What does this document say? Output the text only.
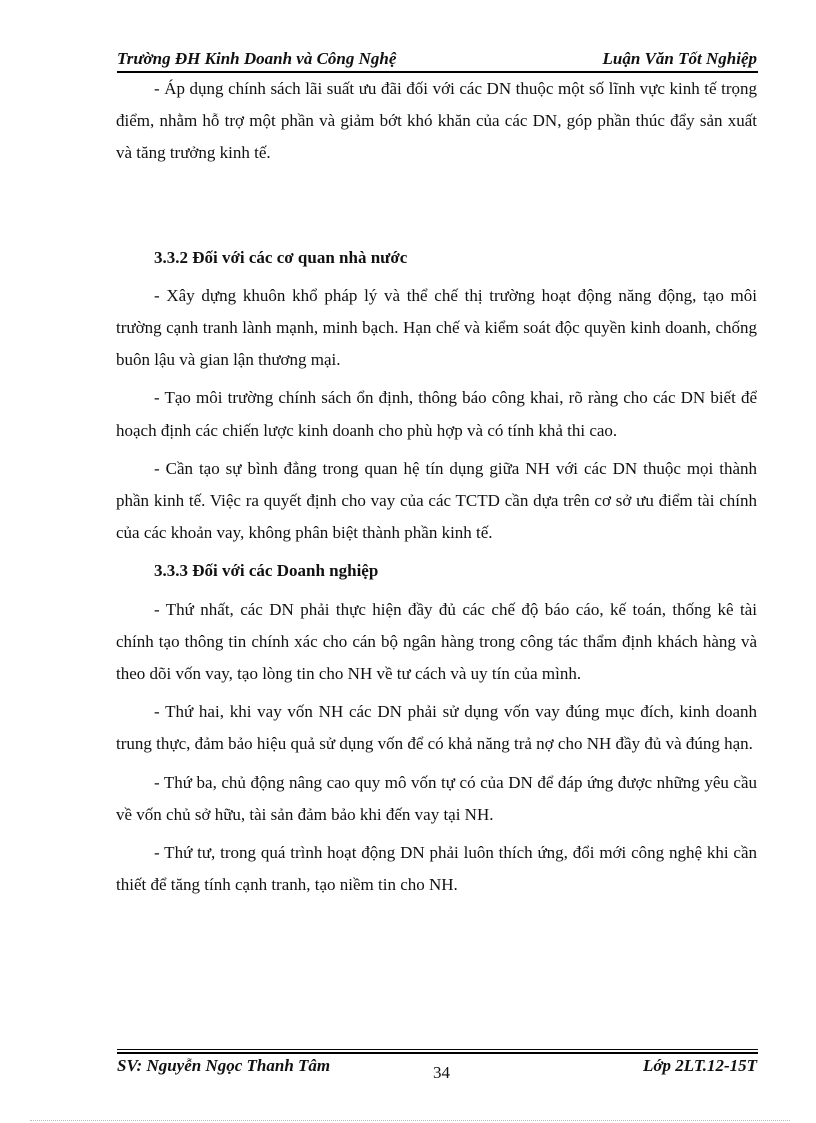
Trường ĐH Kinh Doanh và Công Nghệ	Luận Văn Tốt Nghiệp

- Áp dụng chính sách lãi suất ưu đãi đối với các DN thuộc một số lĩnh vực kinh tế trọng điểm, nhằm hỗ trợ một phần và giảm bớt khó khăn của các DN, góp phần thúc đẩy sản xuất và tăng trưởng kinh tế.

3.3.2 Đối với các cơ quan nhà nước

- Xây dựng khuôn khổ pháp lý và thể chế thị trường hoạt động năng động, tạo môi trường cạnh tranh lành mạnh, minh bạch. Hạn chế và kiểm soát độc quyền kinh doanh, chống buôn lậu và gian lận thương mại.

- Tạo môi trường chính sách ổn định, thông báo công khai, rõ ràng cho các DN biết để hoạch định các chiến lược kinh doanh cho phù hợp và có tính khả thi cao.

- Cần tạo sự bình đẳng trong quan hệ tín dụng giữa NH với các DN thuộc mọi thành phần kinh tế. Việc ra quyết định cho vay của các TCTD cần dựa trên cơ sở ưu điểm tài chính của các khoản vay, không phân biệt thành phần kinh tế.

3.3.3 Đối với các Doanh nghiệp

- Thứ nhất, các DN phải thực hiện đầy đủ các chế độ báo cáo, kế toán, thống kê tài chính tạo thông tin chính xác cho cán bộ ngân hàng trong công tác thẩm định khách hàng và theo dõi vốn vay, tạo lòng tin cho NH về tư cách và uy tín của mình.

- Thứ hai, khi vay vốn NH các DN phải sử dụng vốn vay đúng mục đích, kinh doanh trung thực, đảm bảo hiệu quả sử dụng vốn để có khả năng trả nợ cho NH đầy đủ và đúng hạn.

- Thứ ba, chủ động nâng cao quy mô vốn tự có của DN để đáp ứng được những yêu cầu về vốn chủ sở hữu, tài sản đảm bảo khi đến vay tại NH.

- Thứ tư, trong quá trình hoạt động DN phải luôn thích ứng, đổi mới công nghệ khi cần thiết để tăng tính cạnh tranh, tạo niềm tin cho NH.

SV: Nguyễn Ngọc Thanh Tâm	34	Lớp 2LT.12-15T
